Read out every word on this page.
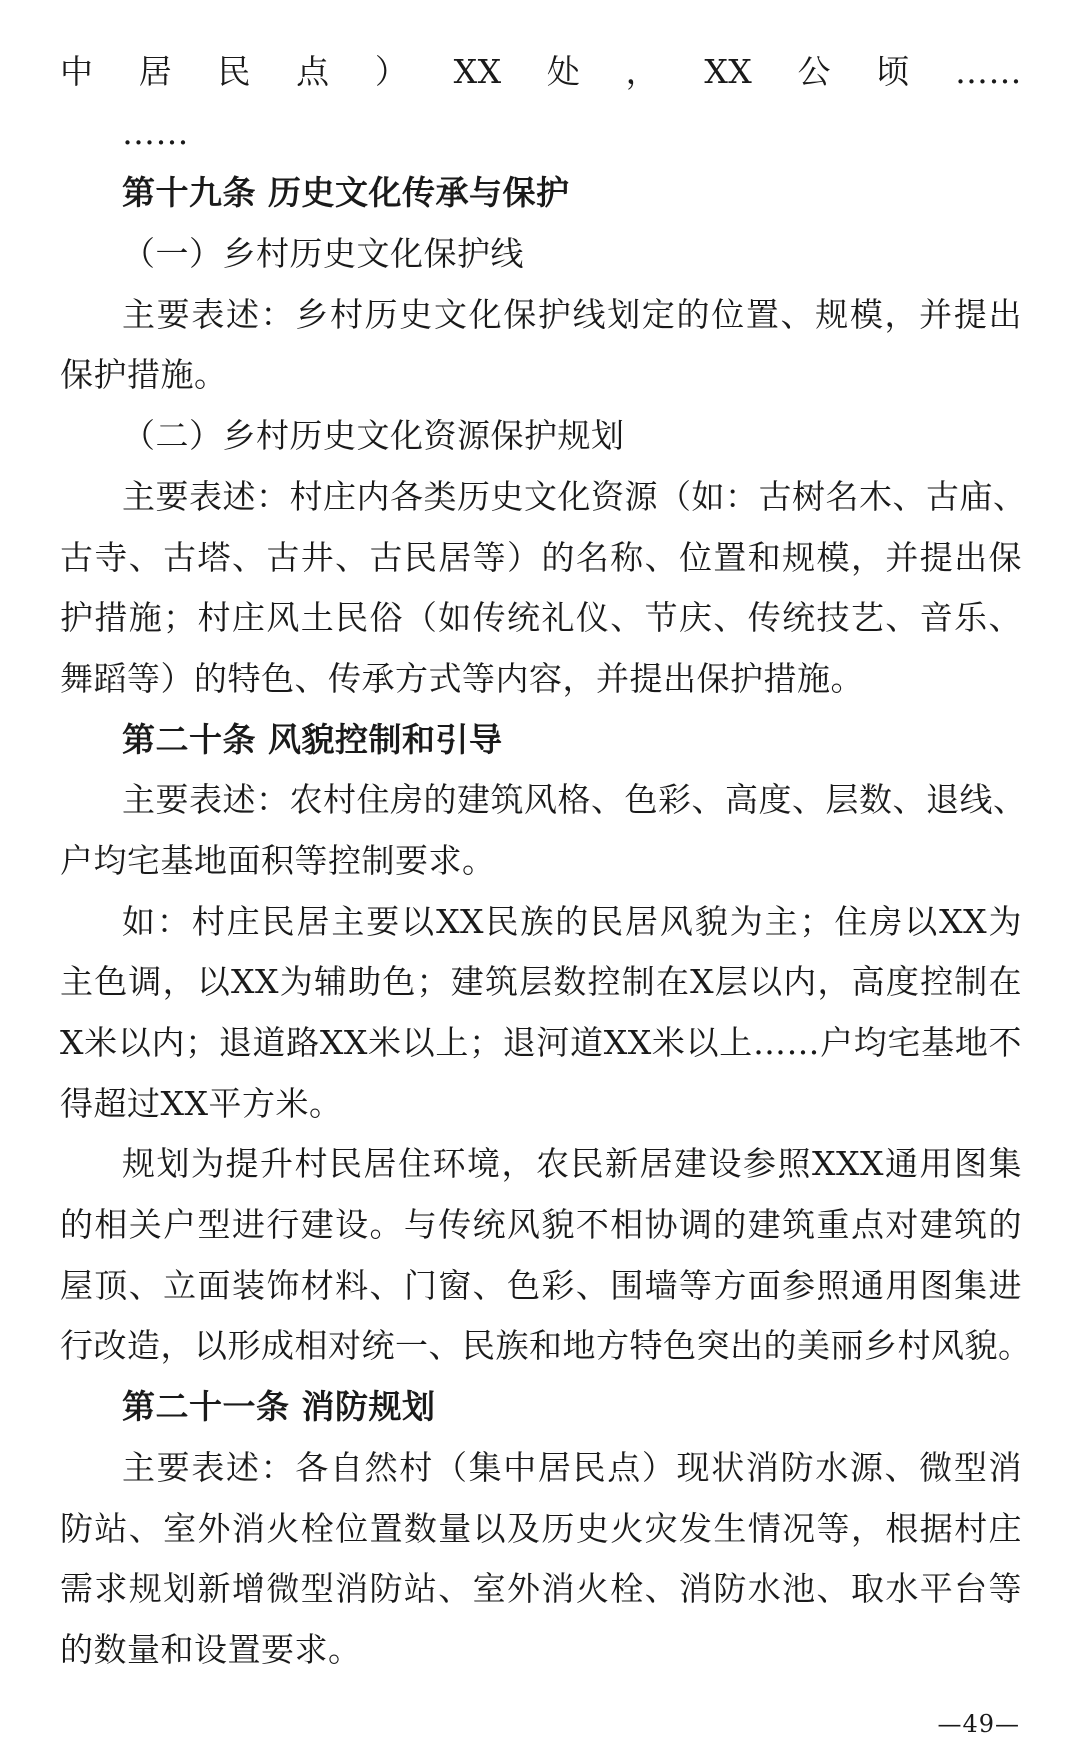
中居民点）XX处，XX公顷……
……
第十九条 历史文化传承与保护
（一）乡村历史文化保护线
主要表述：乡村历史文化保护线划定的位置、规模，并提出
保护措施。
（二）乡村历史文化资源保护规划
主要表述：村庄内各类历史文化资源（如：古树名木、古庙、
古寺、古塔、古井、古民居等）的名称、位置和规模，并提出保
护措施；村庄风土民俗（如传统礼仪、节庆、传统技艺、音乐、
舞蹈等）的特色、传承方式等内容，并提出保护措施。
第二十条 风貌控制和引导
主要表述：农村住房的建筑风格、色彩、高度、层数、退线、
户均宅基地面积等控制要求。
如：村庄民居主要以XX民族的民居风貌为主；住房以XX为
主色调，以XX为辅助色；建筑层数控制在X层以内，高度控制在
X米以内；退道路XX米以上；退河道XX米以上……户均宅基地不
得超过XX平方米。
规划为提升村民居住环境，农民新居建设参照XXX通用图集
的相关户型进行建设。与传统风貌不相协调的建筑重点对建筑的
屋顶、立面装饰材料、门窗、色彩、围墙等方面参照通用图集进
行改造，以形成相对统一、民族和地方特色突出的美丽乡村风貌。
第二十一条 消防规划
主要表述：各自然村（集中居民点）现状消防水源、微型消
防站、室外消火栓位置数量以及历史火灾发生情况等，根据村庄
需求规划新增微型消防站、室外消火栓、消防水池、取水平台等
的数量和设置要求。
—49—
